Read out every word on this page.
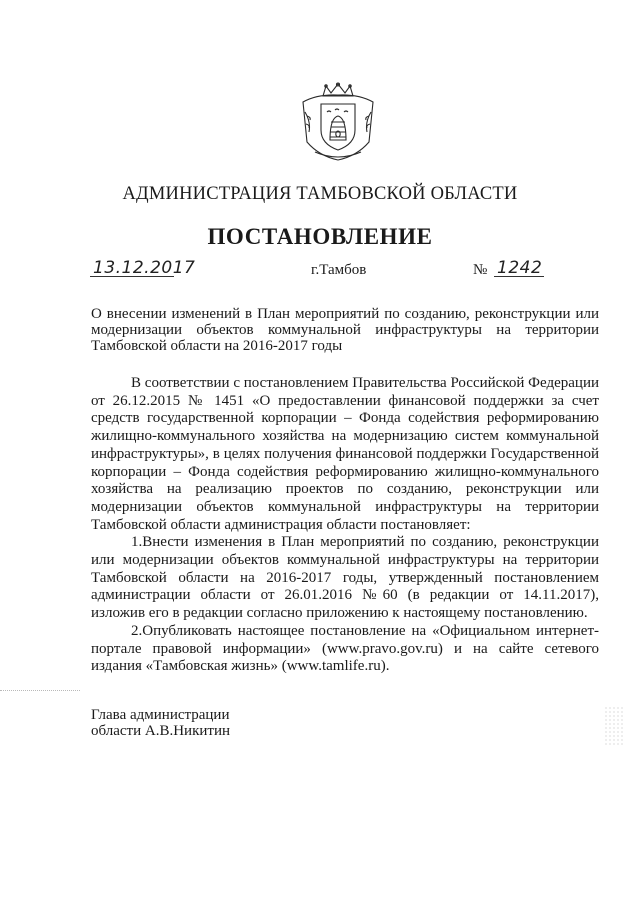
АДМИНИСТРАЦИЯ ТАМБОВСКОЙ ОБЛАСТИ
ПОСТАНОВЛЕНИЕ
13.12.2017	г.Тамбов	№ 1242
О внесении изменений в План мероприятий по созданию, реконструкции или модернизации объектов коммунальной инфраструктуры на территории Тамбовской области на 2016-2017 годы

В соответствии с постановлением Правительства Российской Федерации от 26.12.2015 № 1451 «О предоставлении финансовой поддержки за счет средств государственной корпорации – Фонда содействия реформированию жилищно-коммунального хозяйства на модернизацию систем коммунальной инфраструктуры», в целях получения финансовой поддержки Государственной корпорации – Фонда содействия реформированию жилищно-коммунального хозяйства на реализацию проектов по созданию, реконструкции или модернизации объектов коммунальной инфраструктуры на территории Тамбовской области администрация области постановляет:

1.Внести изменения в План мероприятий по созданию, реконструкции или модернизации объектов коммунальной инфраструктуры на территории Тамбовской области на 2016-2017 годы, утвержденный постановлением администрации области от 26.01.2016 №60 (в редакции от 14.11.2017), изложив его в редакции согласно приложению к настоящему постановлению.

2.Опубликовать настоящее постановление на «Официальном интернет-портале правовой информации» (www.pravo.gov.ru) и на сайте сетевого издания «Тамбовская жизнь» (www.tamlife.ru).

Глава администрации
области А.В.Никитин
